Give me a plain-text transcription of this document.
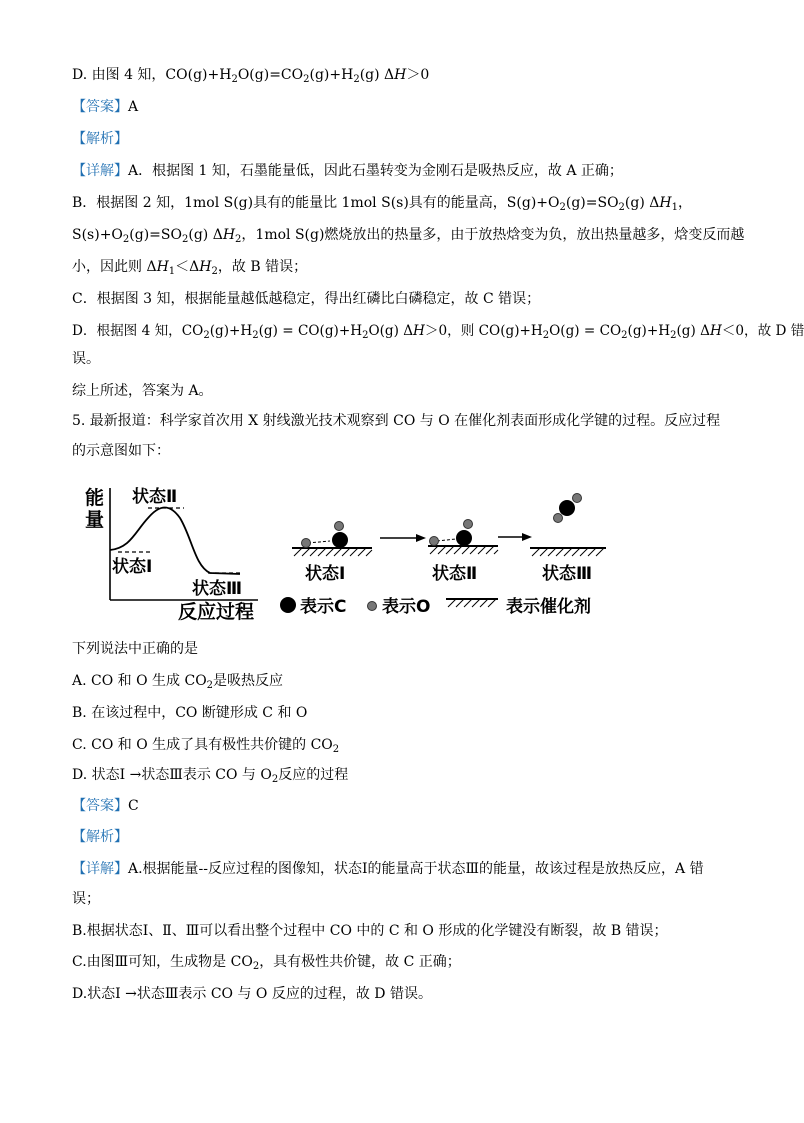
D. 由图 4 知，$CO(g)+H_2O(g)=CO_2(g)+H_2(g)$ ΔH＞0
【答案】A
【解析】
【详解】A．根据图 1 知，石墨能量低，因此石墨转变为金刚石是吸热反应，故 A 正确；
B．根据图 2 知，1mol S(g)具有的能量比 1mol S(s)具有的能量高，$S(g)+O_2(g)=SO_2(g)$ $\Delta H_1$，
$S(s)+O_2(g)=SO_2(g)$ $\Delta H_2$，1mol S(g)燃烧放出的热量多，由于放热焓变为负，放出热量越多，焓变反而越
小，因此则 $\Delta H_1<\Delta H_2$，故 B 错误；
C．根据图 3 知，根据能量越低越稳定，得出红磷比白磷稳定，故 C 错误；
D．根据图 4 知，$CO_2(g)+H_2(g) = CO(g)+H_2O(g)$ ΔH＞0，则 $CO(g)+H_2O(g) = CO_2(g)+H_2(g)$ ΔH＜0，故 D 错
误。
综上所述，答案为 A。
5. 最新报道：科学家首次用 X 射线激光技术观察到 CO 与 O 在催化剂表面形成化学键的过程。反应过程
的示意图如下：
能
量
状态Ⅰ
状态Ⅱ
状态Ⅲ
反应过程
状态Ⅰ	状态Ⅱ	状态Ⅲ
表示C 表示O	表示催化剂
下列说法中正确的是
A. CO 和 O 生成 $CO_2$是吸热反应
B. 在该过程中，CO 断键形成 C 和 O
C. CO 和 O 生成了具有极性共价键的 $CO_2$
D. 状态Ⅰ →状态Ⅲ表示 CO 与 $O_2$反应的过程
【答案】C
【解析】
【详解】A.根据能量--反应过程的图像知，状态Ⅰ的能量高于状态Ⅲ的能量，故该过程是放热反应，A 错
误；
B.根据状态Ⅰ、Ⅱ、Ⅲ可以看出整个过程中 CO 中的 C 和 O 形成的化学键没有断裂，故 B 错误；
C.由图Ⅲ可知，生成物是 $CO_2$，具有极性共价键，故 C 正确；
D.状态Ⅰ →状态Ⅲ表示 CO 与 O 反应的过程，故 D 错误。
